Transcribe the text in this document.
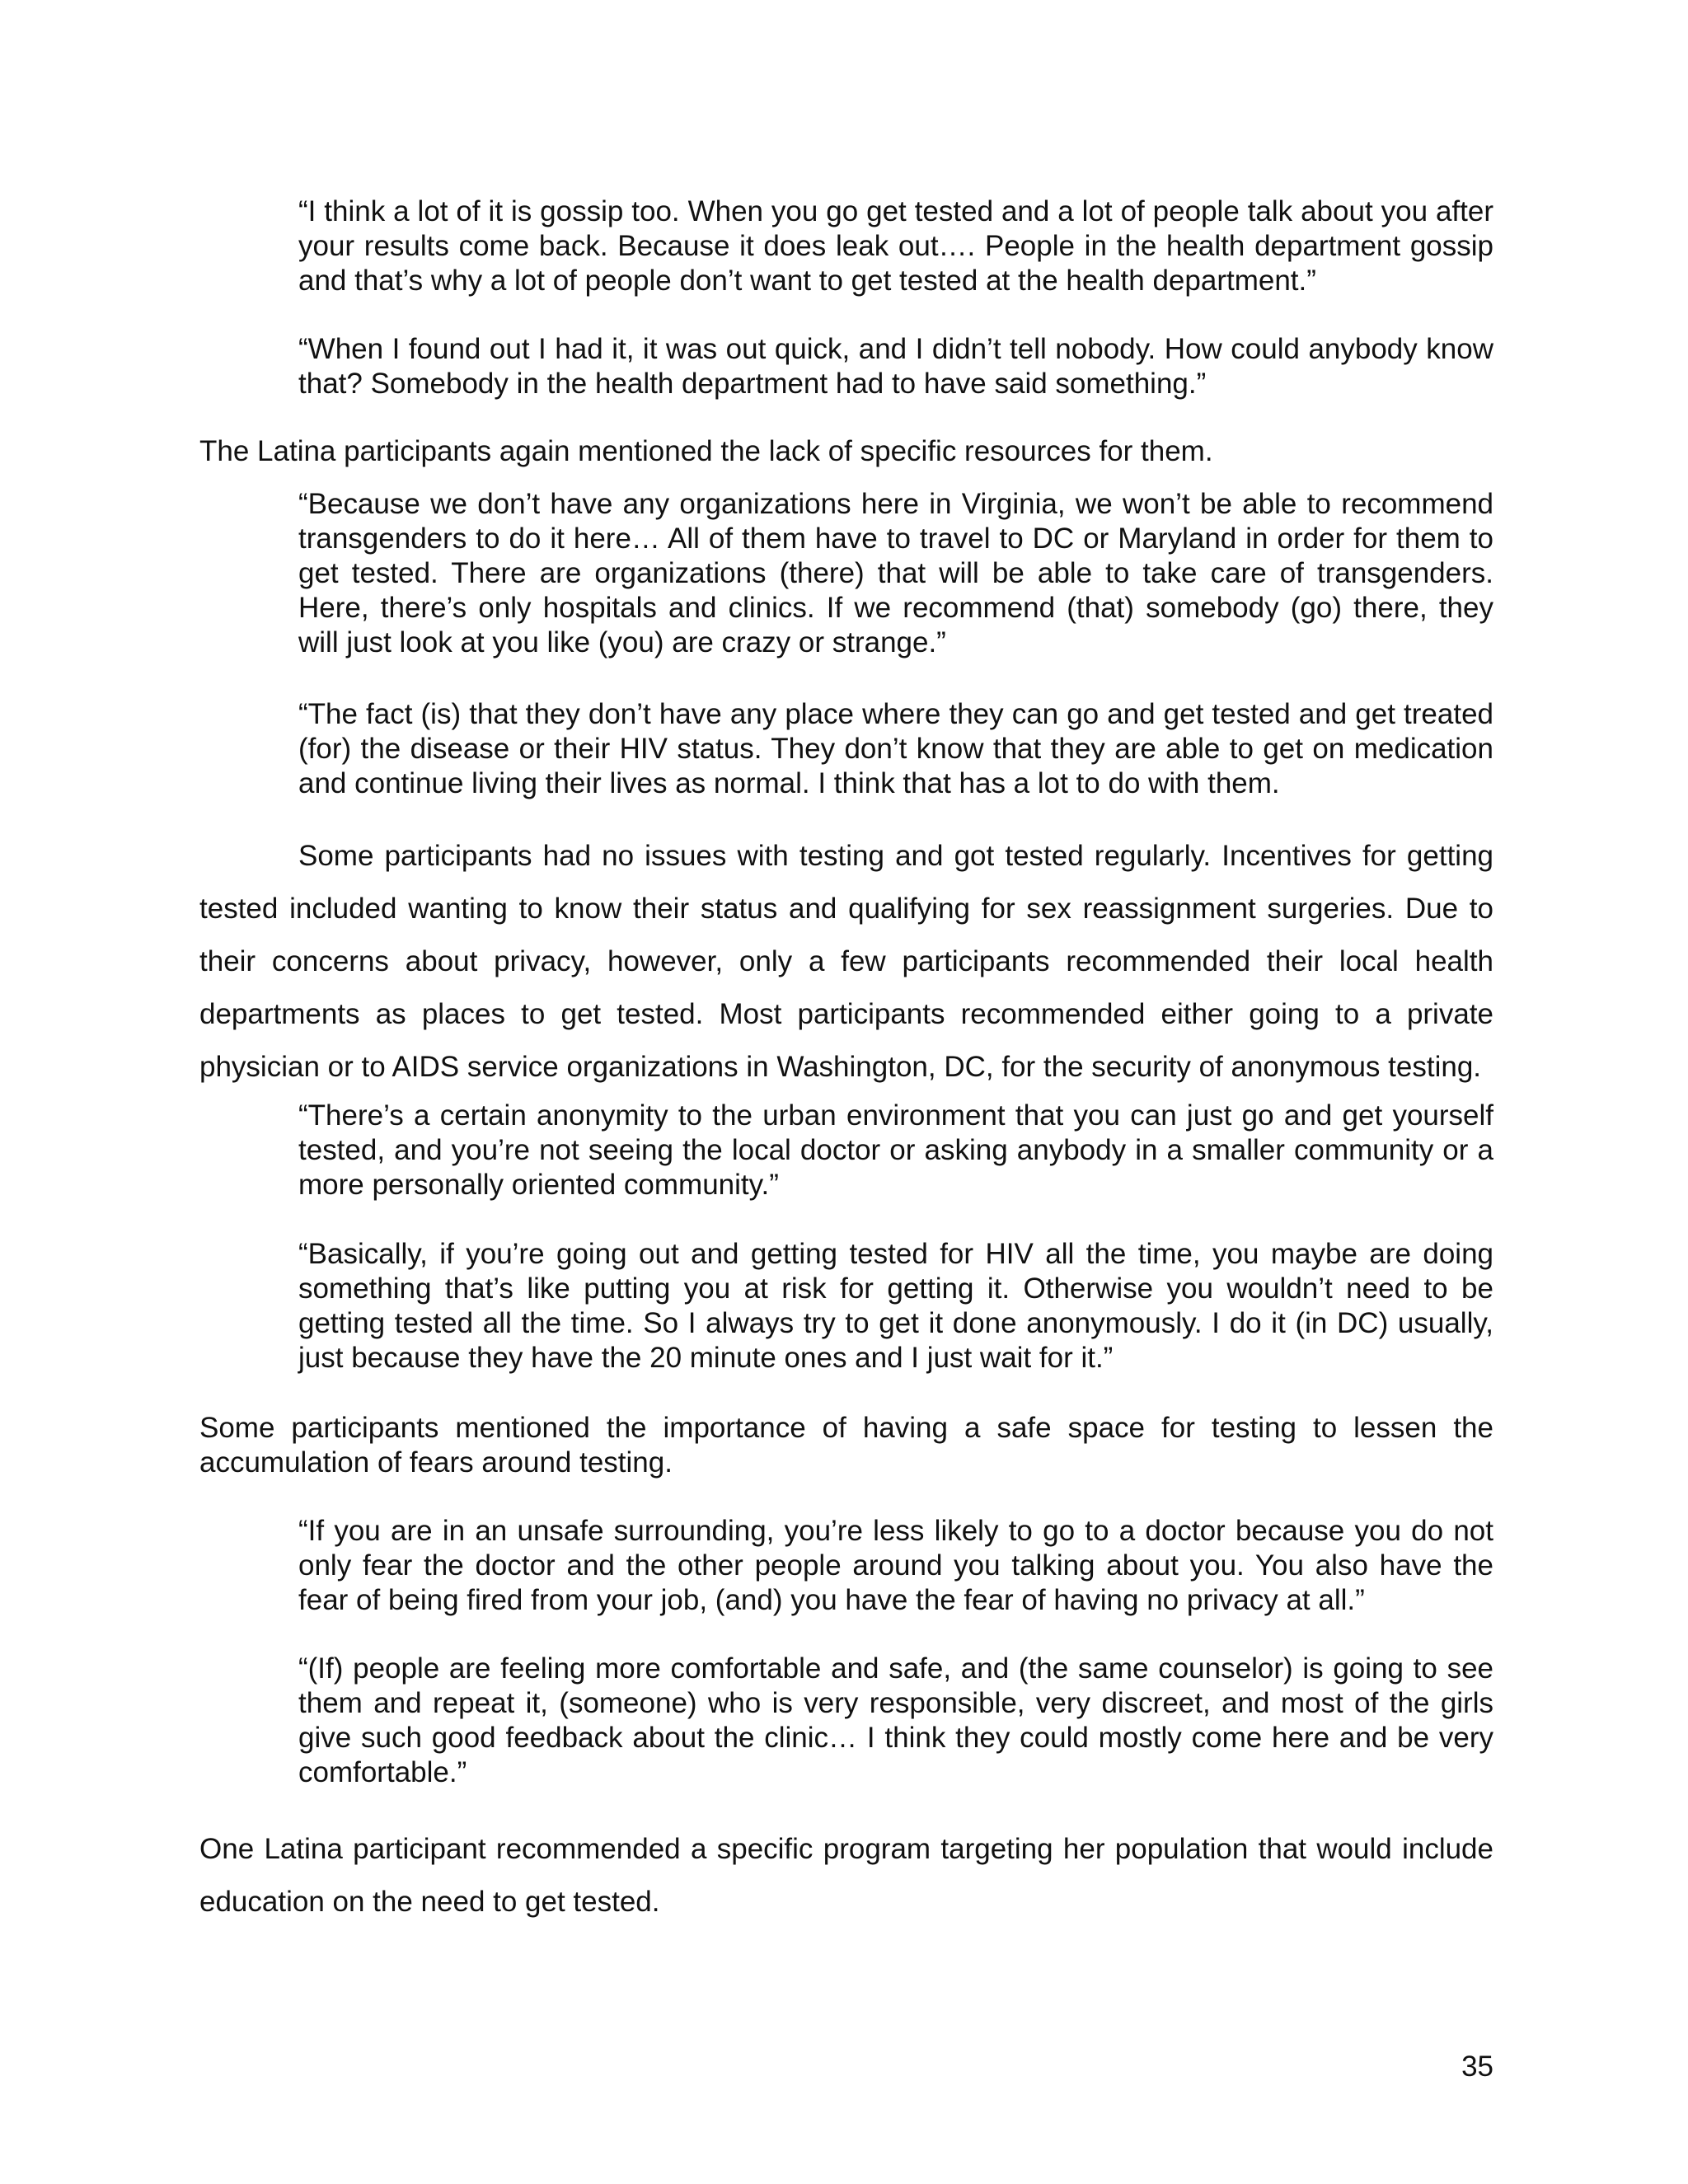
“I think a lot of it is gossip too. When you go get tested and a lot of people talk about you after your results come back. Because it does leak out…. People in the health department gossip and that’s why a lot of people don’t want to get tested at the health department.”

“When I found out I had it, it was out quick, and I didn’t tell nobody. How could anybody know that? Somebody in the health department had to have said something.”

The Latina participants again mentioned the lack of specific resources for them.

“Because we don’t have any organizations here in Virginia, we won’t be able to recommend transgenders to do it here… All of them have to travel to DC or Maryland in order for them to get tested. There are organizations (there) that will be able to take care of transgenders. Here, there’s only hospitals and clinics. If we recommend (that) somebody (go) there, they will just look at you like (you) are crazy or strange.”

“The fact (is) that they don’t have any place where they can go and get tested and get treated (for) the disease or their HIV status. They don’t know that they are able to get on medication and continue living their lives as normal. I think that has a lot to do with them.

Some participants had no issues with testing and got tested regularly. Incentives for getting tested included wanting to know their status and qualifying for sex reassignment surgeries. Due to their concerns about privacy, however, only a few participants recommended their local health departments as places to get tested. Most participants recommended either going to a private physician or to AIDS service organizations in Washington, DC, for the security of anonymous testing.

“There’s a certain anonymity to the urban environment that you can just go and get yourself tested, and you’re not seeing the local doctor or asking anybody in a smaller community or a more personally oriented community.”

“Basically, if you’re going out and getting tested for HIV all the time, you maybe are doing something that’s like putting you at risk for getting it. Otherwise you wouldn’t need to be getting tested all the time. So I always try to get it done anonymously. I do it (in DC) usually, just because they have the 20 minute ones and I just wait for it.”

Some participants mentioned the importance of having a safe space for testing to lessen the accumulation of fears around testing.

“If you are in an unsafe surrounding, you’re less likely to go to a doctor because you do not only fear the doctor and the other people around you talking about you. You also have the fear of being fired from your job, (and) you have the fear of having no privacy at all.”

“(If) people are feeling more comfortable and safe, and (the same counselor) is going to see them and repeat it, (someone) who is very responsible, very discreet, and most of the girls give such good feedback about the clinic… I think they could mostly come here and be very comfortable.”

One Latina participant recommended a specific program targeting her population that would include education on the need to get tested.

35
